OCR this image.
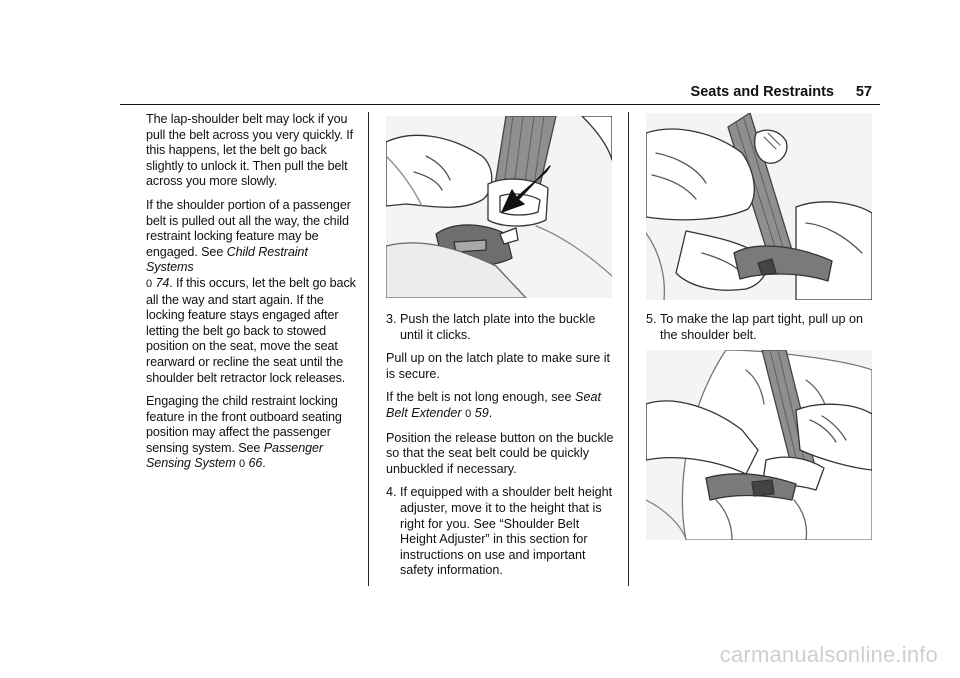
Seats and Restraints 57

The lap-shoulder belt may lock if you pull the belt across you very quickly. If this happens, let the belt go back slightly to unlock it. Then pull the belt across you more slowly.

If the shoulder portion of a passenger belt is pulled out all the way, the child restraint locking feature may be engaged. See Child Restraint Systems
0 74. If this occurs, let the belt go back all the way and start again. If the locking feature stays engaged after letting the belt go back to stowed position on the seat, move the seat rearward or recline the seat until the shoulder belt retractor lock releases.

Engaging the child restraint locking feature in the front outboard seating position may affect the passenger sensing system. See Passenger Sensing System 0 66.

3. Push the latch plate into the buckle until it clicks.

Pull up on the latch plate to make sure it is secure.

If the belt is not long enough, see Seat Belt Extender 0 59.

Position the release button on the buckle so that the seat belt could be quickly unbuckled if necessary.

4. If equipped with a shoulder belt height adjuster, move it to the height that is right for you. See “Shoulder Belt Height Adjuster” in this section for instructions on use and important safety information.
5. To make the lap part tight, pull up on the shoulder belt.
carmanualsonline.info
